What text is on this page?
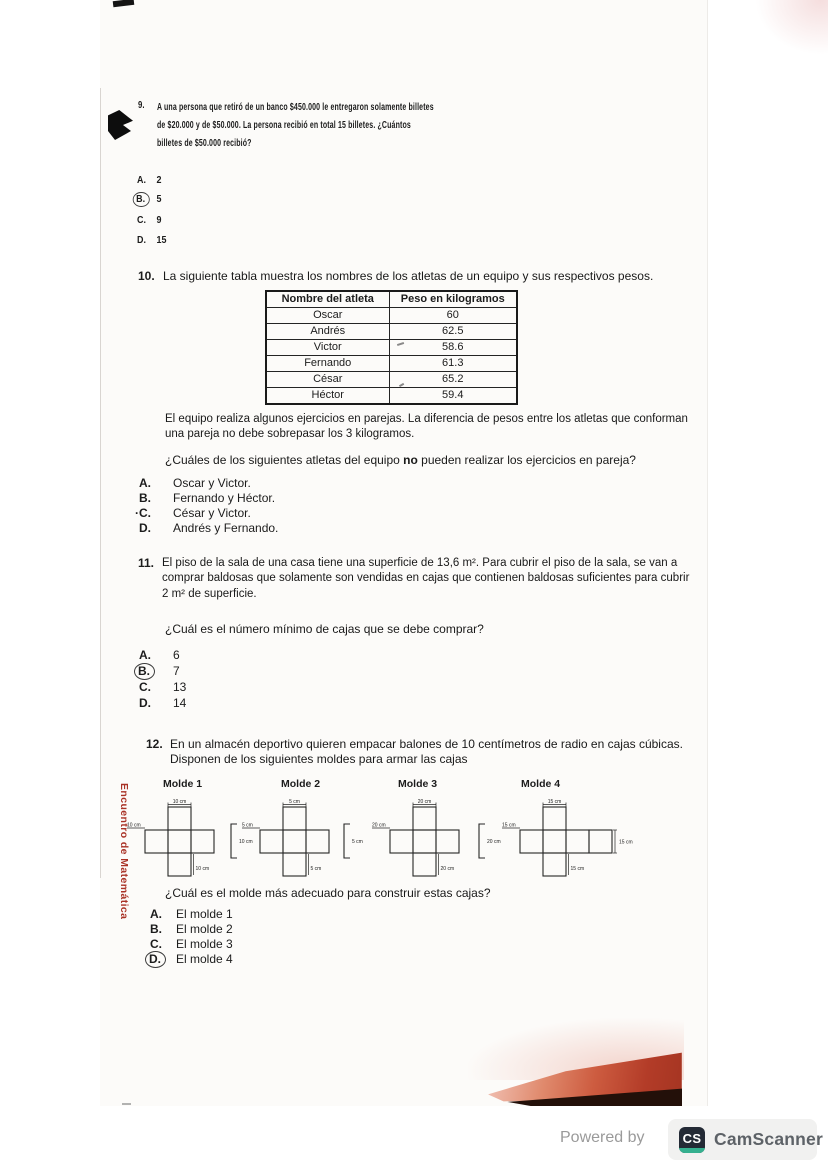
9. A una persona que retiró de un banco $450.000 le entregaron solamente billetes de $20.000 y de $50.000. La persona recibió en total 15 billetes. ¿Cuántos billetes de $50.000 recibió?
A.	2
B.	5
C.	9
D.	15
10. La siguiente tabla muestra los nombres de los atletas de un equipo y sus respectivos pesos.
Nombre del atleta	Peso en kilogramos
Oscar	60
Andrés	62.5
Victor	58.6
Fernando	61.3
César	65.2
Héctor	59.4
El equipo realiza algunos ejercicios en parejas. La diferencia de pesos entre los atletas que conforman una pareja no debe sobrepasar los 3 kilogramos.
¿Cuáles de los siguientes atletas del equipo no pueden realizar los ejercicios en pareja?
A.	Oscar y Victor.
B.	Fernando y Héctor.
·C.	César y Victor.
D.	Andrés y Fernando.
11. El piso de la sala de una casa tiene una superficie de 13,6 m². Para cubrir el piso de la sala, se van a comprar baldosas que solamente son vendidas en cajas que contienen baldosas suficientes para cubrir 2 m² de superficie.
¿Cuál es el número mínimo de cajas que se debe comprar?
A.	6
B.	7
C.	13
D.	14
12. En un almacén deportivo quieren empacar balones de 10 centímetros de radio en cajas cúbicas. Disponen de los siguientes moldes para armar las cajas
Molde 1	Molde 2	Molde 3	Molde 4
10 cm
10 cm
10 cm
10 cm
5 cm
5 cm
5 cm
5 cm
20 cm
20 cm
20 cm
20 cm
15 cm
15 cm
15 cm
15 cm
¿Cuál es el molde más adecuado para construir estas cajas?
A.	El molde 1
B.	El molde 2
C.	El molde 3
D.	El molde 4
Encuentro de Matemática
Powered by	CS CamScanner
